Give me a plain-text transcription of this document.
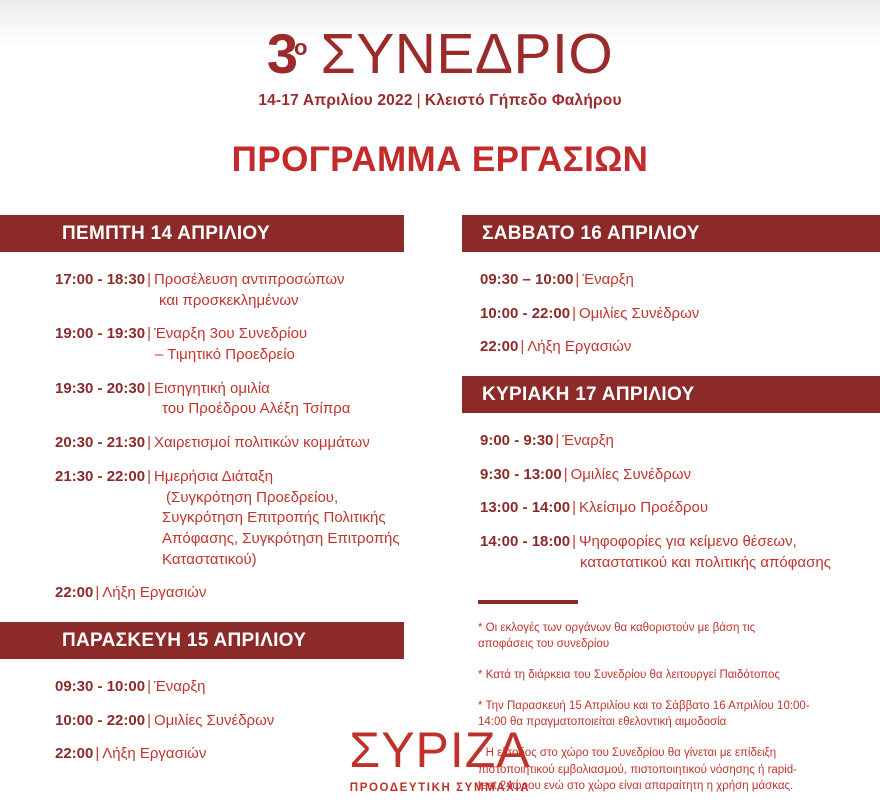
3ο ΣΥΝΕΔΡΙΟ
14-17 Απριλίου 2022 | Κλειστό Γήπεδο Φαλήρου
ΠΡΟΓΡΑΜΜΑ ΕΡΓΑΣΙΩΝ
ΠΕΜΠΤΗ 14 ΑΠΡΙΛΙΟΥ
17:00 - 18:30 | Προσέλευση αντιπροσώπων
και προσκεκλημένων
19:00 - 19:30 | Έναρξη 3ου Συνεδρίου
– Τιμητικό Προεδρείο
19:30 - 20:30 | Εισηγητική ομιλία
του Προέδρου Αλέξη Τσίπρα
20:30 - 21:30 | Χαιρετισμοί πολιτικών κομμάτων
21:30 - 22:00 | Ημερήσια Διάταξη
(Συγκρότηση Προεδρείου,
Συγκρότηση Επιτροπής Πολιτικής
Απόφασης, Συγκρότηση Επιτροπής
Καταστατικού)
22:00 | Λήξη Εργασιών
ΠΑΡΑΣΚΕΥΗ 15 ΑΠΡΙΛΙΟΥ
09:30 - 10:00 | Έναρξη
10:00 - 22:00 | Ομιλίες Συνέδρων
22:00 | Λήξη Εργασιών
ΣΑΒΒΑΤΟ 16 ΑΠΡΙΛΙΟΥ
09:30 – 10:00 | Έναρξη
10:00 - 22:00 | Ομιλίες Συνέδρων
22:00 | Λήξη Εργασιών
ΚΥΡΙΑΚΗ 17 ΑΠΡΙΛΙΟΥ
9:00 - 9:30 | Έναρξη
9:30 - 13:00 | Ομιλίες Συνέδρων
13:00 - 14:00 | Κλείσιμο Προέδρου
14:00 - 18:00 | Ψηφοφορίες για κείμενο θέσεων,
καταστατικού και πολιτικής απόφασης
* Οι εκλογές των οργάνων θα καθοριστούν με βάση τις αποφάσεις του συνεδρίου
* Κατά τη διάρκεια του Συνεδρίου θα λειτουργεί Παιδότοπος
* Την Παρασκευή 15 Απριλίου και το Σάββατο 16 Απριλίου 10:00-14:00 θα πραγματοποιείται εθελοντική αιμοδοσία
* Η είσοδος στο χώρο του Συνεδρίου θα γίνεται με επίδειξη πιστοποιητικού εμβολιασμού, πιστοποιητικού νόσησης ή rapid-test 24ώρου ενώ στο χώρο είναι απαραίτητη η χρήση μάσκας.
ΣΥΡΙΖΑ
ΠΡΟΟΔΕΥΤΙΚΗ ΣΥΜΜΑΧΙΑ
